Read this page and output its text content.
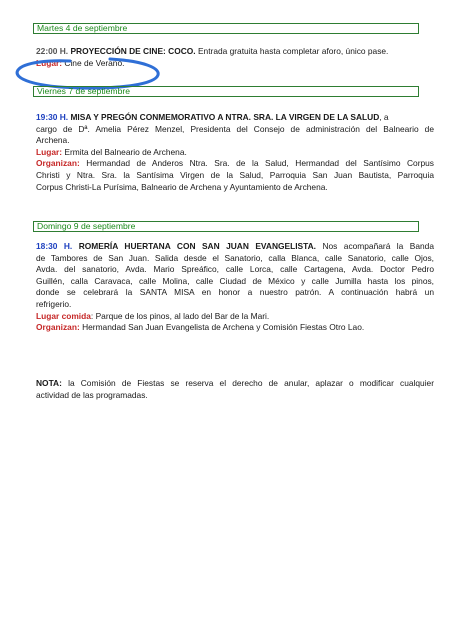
Martes 4 de septiembre
22:00 H. PROYECCIÓN DE CINE: COCO. Entrada gratuita hasta completar aforo, único pase.
Lugar: Cine de Verano.
Viernes 7 de septiembre
19:30 H. MISA Y PREGÓN CONMEMORATIVO A NTRA. SRA. LA VIRGEN DE LA SALUD, a
cargo de Dª. Amelia Pérez Menzel, Presidenta del Consejo de administración del Balneario de
Archena.
Lugar: Ermita del Balneario de Archena.
Organizan: Hermandad de Anderos Ntra. Sra. de la Salud, Hermandad del Santísimo Corpus
Christi y Ntra. Sra. la Santísima Virgen de la Salud, Parroquia San Juan Bautista, Parroquia
Corpus Christi-La Purísima, Balneario de Archena y Ayuntamiento de Archena.
Domingo 9 de septiembre
18:30 H. ROMERÍA HUERTANA CON SAN JUAN EVANGELISTA. Nos acompañará la Banda
de Tambores de San Juan. Salida desde el Sanatorio, calla Blanca, calle Sanatorio, calle Ojos,
Avda. del sanatorio, Avda. Mario Spreáfico, calle Lorca, calle Cartagena, Avda. Doctor Pedro
Guillén, calla Caravaca, calle Molina, calle Ciudad de México y calle Jumilla hasta los pinos,
donde se celebrará la SANTA MISA en honor a nuestro patrón. A continuación habrá un
refrigerio.
Lugar comida: Parque de los pinos, al lado del Bar de la Mari.
Organizan: Hermandad San Juan Evangelista de Archena y Comisión Fiestas Otro Lao.
NOTA: la Comisión de Fiestas se reserva el derecho de anular, aplazar o modificar cualquier
actividad de las programadas.
